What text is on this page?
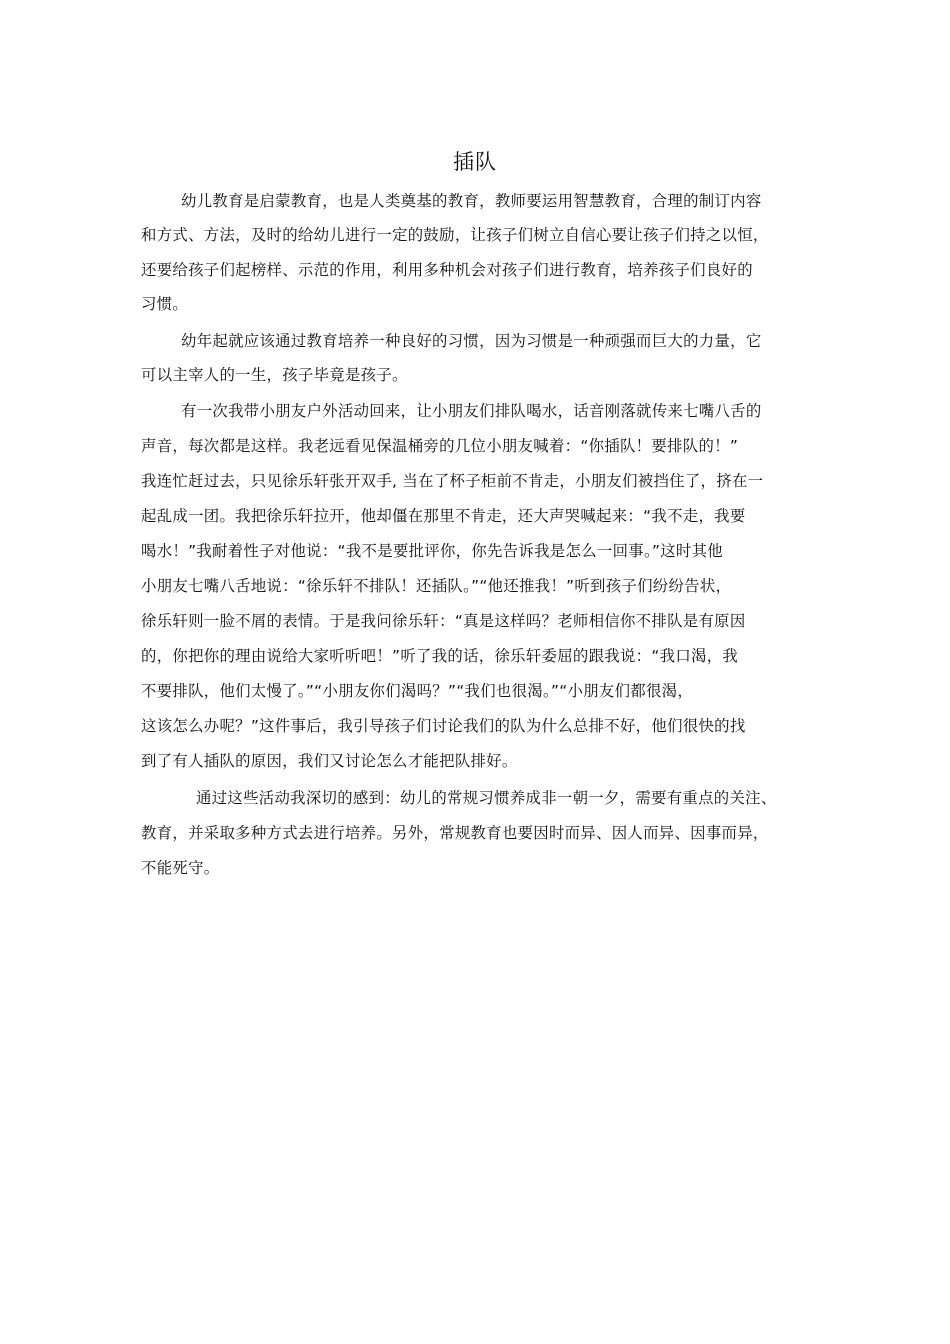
插队
幼儿教育是启蒙教育，也是人类奠基的教育，教师要运用智慧教育，合理的制订内容
和方式、方法，及时的给幼儿进行一定的鼓励，让孩子们树立自信心要让孩子们持之以恒，
还要给孩子们起榜样、示范的作用，利用多种机会对孩子们进行教育，培养孩子们良好的
习惯。
幼年起就应该通过教育培养一种良好的习惯，因为习惯是一种顽强而巨大的力量，它
可以主宰人的一生，孩子毕竟是孩子。
有一次我带小朋友户外活动回来，让小朋友们排队喝水，话音刚落就传来七嘴八舌的
声音，每次都是这样。我老远看见保温桶旁的几位小朋友喊着：“你插队！要排队的！”
我连忙赶过去，只见徐乐轩张开双手, 当在了杯子柜前不肯走，小朋友们被挡住了，挤在一
起乱成一团。我把徐乐轩拉开，他却僵在那里不肯走，还大声哭喊起来：“我不走，我要
喝水！”我耐着性子对他说：“我不是要批评你，你先告诉我是怎么一回事。”这时其他
小朋友七嘴八舌地说：“徐乐轩不排队！还插队。”“他还推我！”听到孩子们纷纷告状，
徐乐轩则一脸不屑的表情。于是我问徐乐轩：“真是这样吗？老师相信你不排队是有原因
的，你把你的理由说给大家听听吧！”听了我的话，徐乐轩委屈的跟我说：“我口渴，我
不要排队，他们太慢了。”“小朋友你们渴吗？”“我们也很渴。”“小朋友们都很渴，
这该怎么办呢？”这件事后，我引导孩子们讨论我们的队为什么总排不好，他们很快的找
到了有人插队的原因，我们又讨论怎么才能把队排好。
通过这些活动我深切的感到：幼儿的常规习惯养成非一朝一夕，需要有重点的关注、
教育，并采取多种方式去进行培养。另外，常规教育也要因时而异、因人而异、因事而异，
不能死守。
